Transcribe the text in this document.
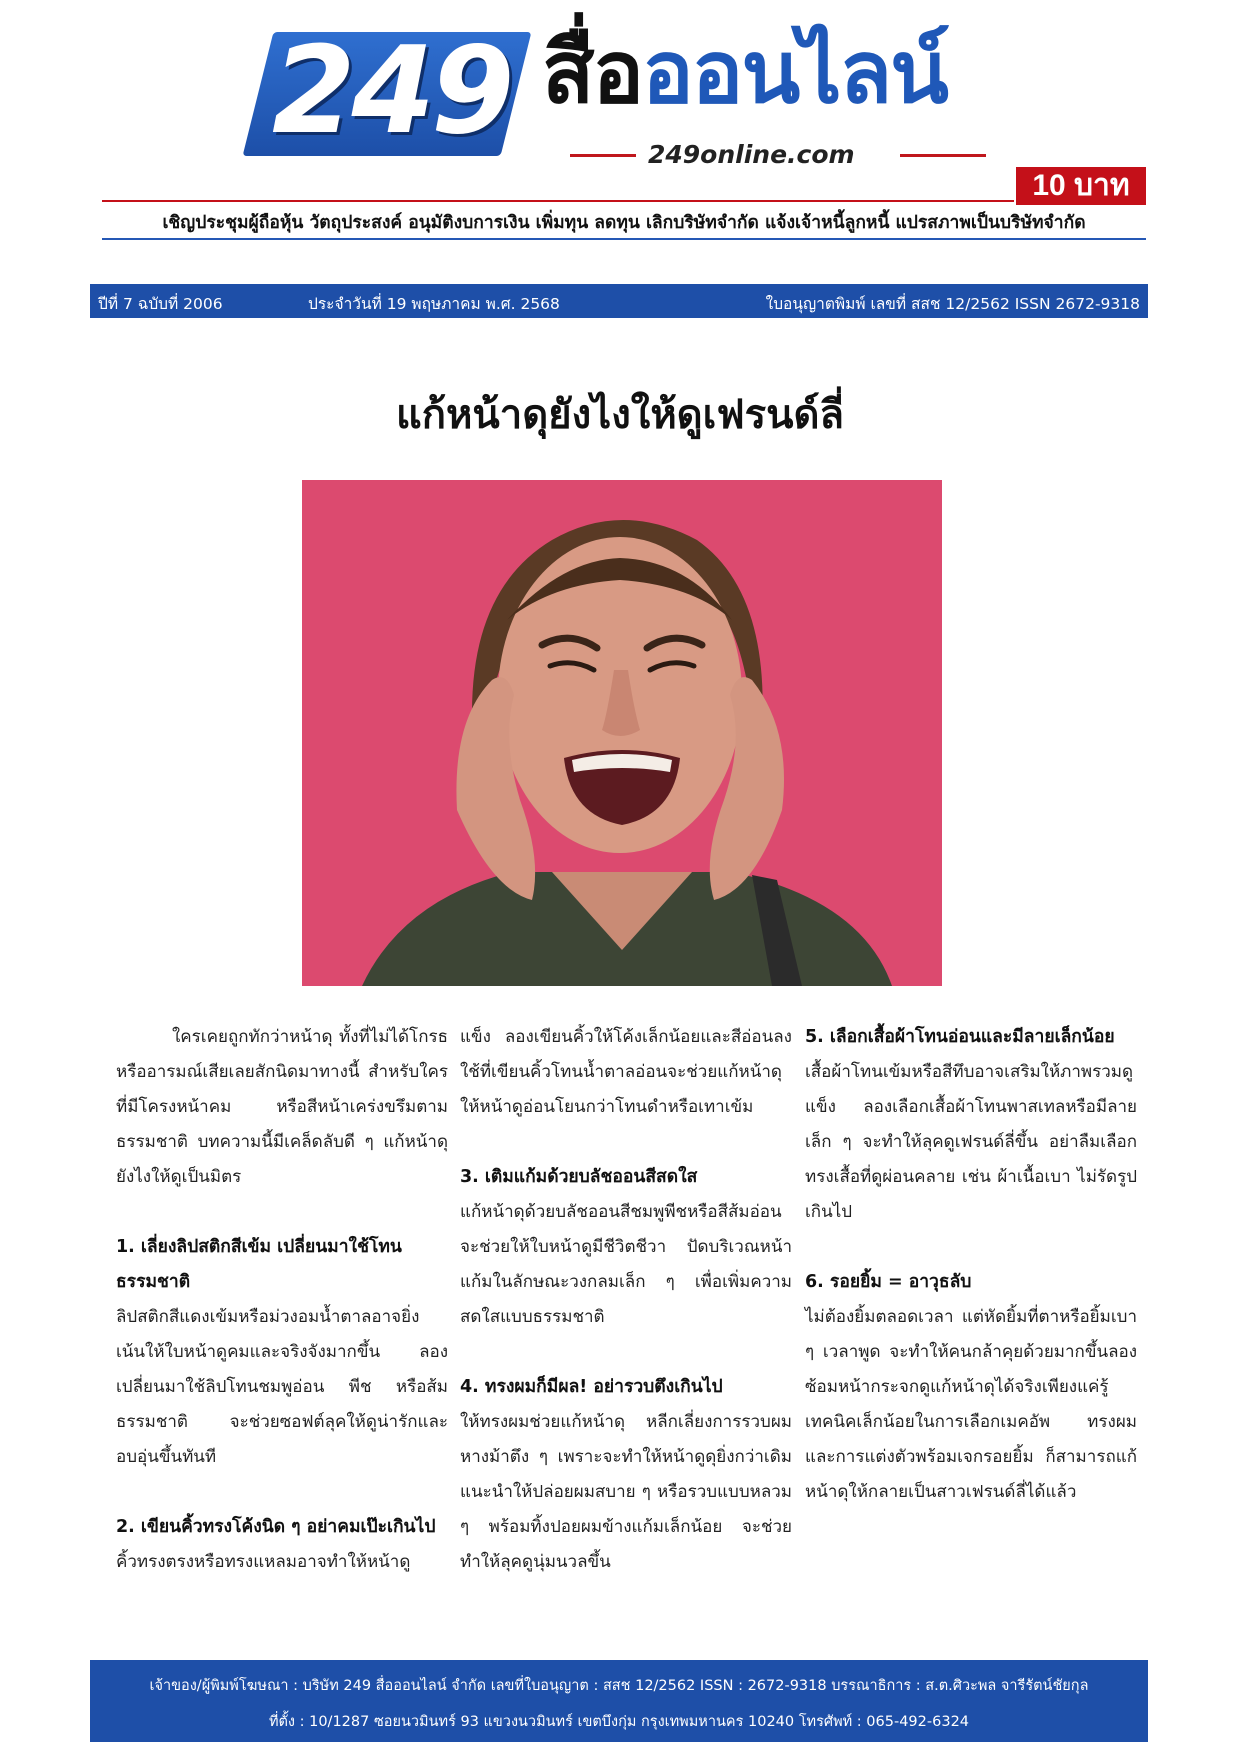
249 สื่อออนไลน์
249online.com
10 บาท
เชิญประชุมผู้ถือหุ้น วัตถุประสงค์ อนุมัติงบการเงิน เพิ่มทุน ลดทุน เลิกบริษัทจำกัด แจ้งเจ้าหนี้ลูกหนี้ แปรสภาพเป็นบริษัทจำกัด
ปีที่ 7 ฉบับที่ 2006	ประจำวันที่ 19 พฤษภาคม พ.ศ. 2568	ใบอนุญาตพิมพ์ เลขที่ สสช 12/2562 ISSN 2672-9318
แก้หน้าดุยังไงให้ดูเฟรนด์ลี่

ใครเคยถูกทักว่าหน้าดุ ทั้งที่ไม่ได้โกรธหรืออารมณ์เสียเลยสักนิดมาทางนี้ สำหรับใครที่มีโครงหน้าคม หรือสีหน้าเคร่งขรึมตามธรรมชาติ บทความนี้มีเคล็ดลับดี ๆ แก้หน้าดุยังไงให้ดูเป็นมิตร

1. เลี่ยงลิปสติกสีเข้ม เปลี่ยนมาใช้โทนธรรมชาติ

ลิปสติกสีแดงเข้มหรือม่วงอมน้ำตาลอาจยิ่งเน้นให้ใบหน้าดูคมและจริงจังมากขึ้น ลองเปลี่ยนมาใช้ลิปโทนชมพูอ่อน พีช หรือส้มธรรมชาติ จะช่วยซอฟต์ลุคให้ดูน่ารักและอบอุ่นขึ้นทันที

2. เขียนคิ้วทรงโค้งนิด ๆ อย่าคมเป๊ะเกินไป

คิ้วทรงตรงหรือทรงแหลมอาจทำให้หน้าดู

แข็ง ลองเขียนคิ้วให้โค้งเล็กน้อยและสีอ่อนลงใช้ที่เขียนคิ้วโทนน้ำตาลอ่อนจะช่วยแก้หน้าดุ ให้หน้าดูอ่อนโยนกว่าโทนดำหรือเทาเข้ม

3. เติมแก้มด้วยบลัชออนสีสดใส

แก้หน้าดุด้วยบลัชออนสีชมพูพีชหรือสีส้มอ่อนจะช่วยให้ใบหน้าดูมีชีวิตชีวา ปัดบริเวณหน้าแก้มในลักษณะวงกลมเล็ก ๆ เพื่อเพิ่มความสดใสแบบธรรมชาติ

4. ทรงผมก็มีผล! อย่ารวบตึงเกินไป

ให้ทรงผมช่วยแก้หน้าดุ หลีกเลี่ยงการรวบผมหางม้าตึง ๆ เพราะจะทำให้หน้าดูดุยิ่งกว่าเดิม แนะนำให้ปล่อยผมสบาย ๆ หรือรวบแบบหลวม ๆ พร้อมทิ้งปอยผมข้างแก้มเล็กน้อย จะช่วยทำให้ลุคดูนุ่มนวลขึ้น

5. เลือกเสื้อผ้าโทนอ่อนและมีลายเล็กน้อย

เสื้อผ้าโทนเข้มหรือสีทึบอาจเสริมให้ภาพรวมดูแข็ง ลองเลือกเสื้อผ้าโทนพาสเทลหรือมีลายเล็ก ๆ จะทำให้ลุคดูเฟรนด์ลี่ขึ้น อย่าลืมเลือกทรงเสื้อที่ดูผ่อนคลาย เช่น ผ้าเนื้อเบา ไม่รัดรูปเกินไป

6. รอยยิ้ม = อาวุธลับ

ไม่ต้องยิ้มตลอดเวลา แต่หัดยิ้มที่ตาหรือยิ้มเบา ๆ เวลาพูด จะทำให้คนกล้าคุยด้วยมากขึ้นลองซ้อมหน้ากระจกดูแก้หน้าดุได้จริงเพียงแค่รู้เทคนิคเล็กน้อยในการเลือกเมคอัพ ทรงผม และการแต่งตัวพร้อมเจกรอยยิ้ม ก็สามารถแก้หน้าดุให้กลายเป็นสาวเฟรนด์ลี่ได้แล้ว

เจ้าของ/ผู้พิมพ์โฆษณา : บริษัท 249 สื่อออนไลน์ จำกัด เลขที่ใบอนุญาต : สสช 12/2562 ISSN : 2672-9318 บรรณาธิการ : ส.ต.ศิวะพล จารีรัตน์ชัยกุล
ที่ตั้ง : 10/1287 ซอยนวมินทร์ 93 แขวงนวมินทร์ เขตบึงกุ่ม กรุงเทพมหานคร 10240 โทรศัพท์ : 065-492-6324
